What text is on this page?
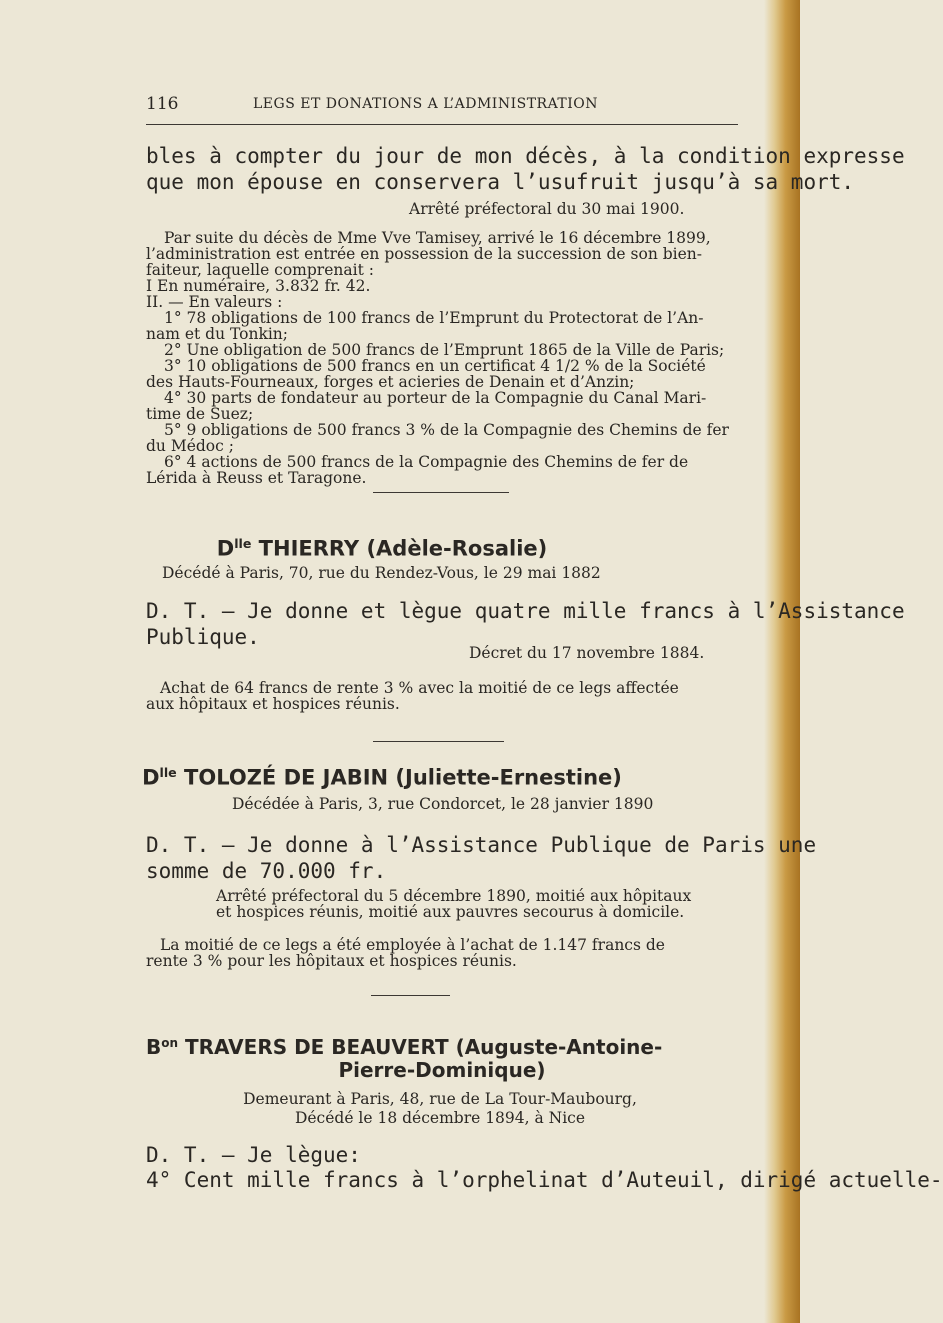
116	LEGS ET DONATIONS A L’ADMINISTRATION
bles à compter du jour de mon décès, à la condition expresse
que mon épouse en conservera l’usufruit jusqu’à sa mort.
Arrêté préfectoral du 30 mai 1900.
Par suite du décès de Mme Vve Tamisey, arrivé le 16 décembre 1899,
l’administration est entrée en possession de la succession de son bien-
faiteur, laquelle comprenait :
I En numéraire, 3.832 fr. 42.
II. — En valeurs :
1° 78 obligations de 100 francs de l’Emprunt du Protectorat de l’An-
nam et du Tonkin;
2° Une obligation de 500 francs de l’Emprunt 1865 de la Ville de Paris;
3° 10 obligations de 500 francs en un certificat 4 1/2 % de la Société
des Hauts-Fourneaux, forges et acieries de Denain et d’Anzin;
4° 30 parts de fondateur au porteur de la Compagnie du Canal Mari-
time de Suez;
5° 9 obligations de 500 francs 3 % de la Compagnie des Chemins de fer
du Médoc ;
6° 4 actions de 500 francs de la Compagnie des Chemins de fer de
Lérida à Reuss et Taragone.
$D^{lle}$ THIERRY (Adèle-Rosalie)
Décédé à Paris, 70, rue du Rendez-Vous, le 29 mai 1882
D. T. — Je donne et lègue quatre mille francs à l’Assistance
Publique.
Décret du 17 novembre 1884.
Achat de 64 francs de rente 3 % avec la moitié de ce legs affectée
aux hôpitaux et hospices réunis.
$D^{lle}$ TOLOZÉ DE JABIN (Juliette-Ernestine)
Décédée à Paris, 3, rue Condorcet, le 28 janvier 1890
D. T. — Je donne à l’Assistance Publique de Paris une
somme de 70.000 fr.
Arrêté préfectoral du 5 décembre 1890, moitié aux hôpitaux
et hospices réunis, moitié aux pauvres secourus à domicile.
La moitié de ce legs a été employée à l’achat de 1.147 francs de
rente 3 % pour les hôpitaux et hospices réunis.
$B^{on}$ TRAVERS DE BEAUVERT (Auguste-Antoine-
Pierre-Dominique)
Demeurant à Paris, 48, rue de La Tour-Maubourg,
Décédé le 18 décembre 1894, à Nice
D. T. — Je lègue:
4° Cent mille francs à l’orphelinat d’Auteuil, dirigé actuelle-
